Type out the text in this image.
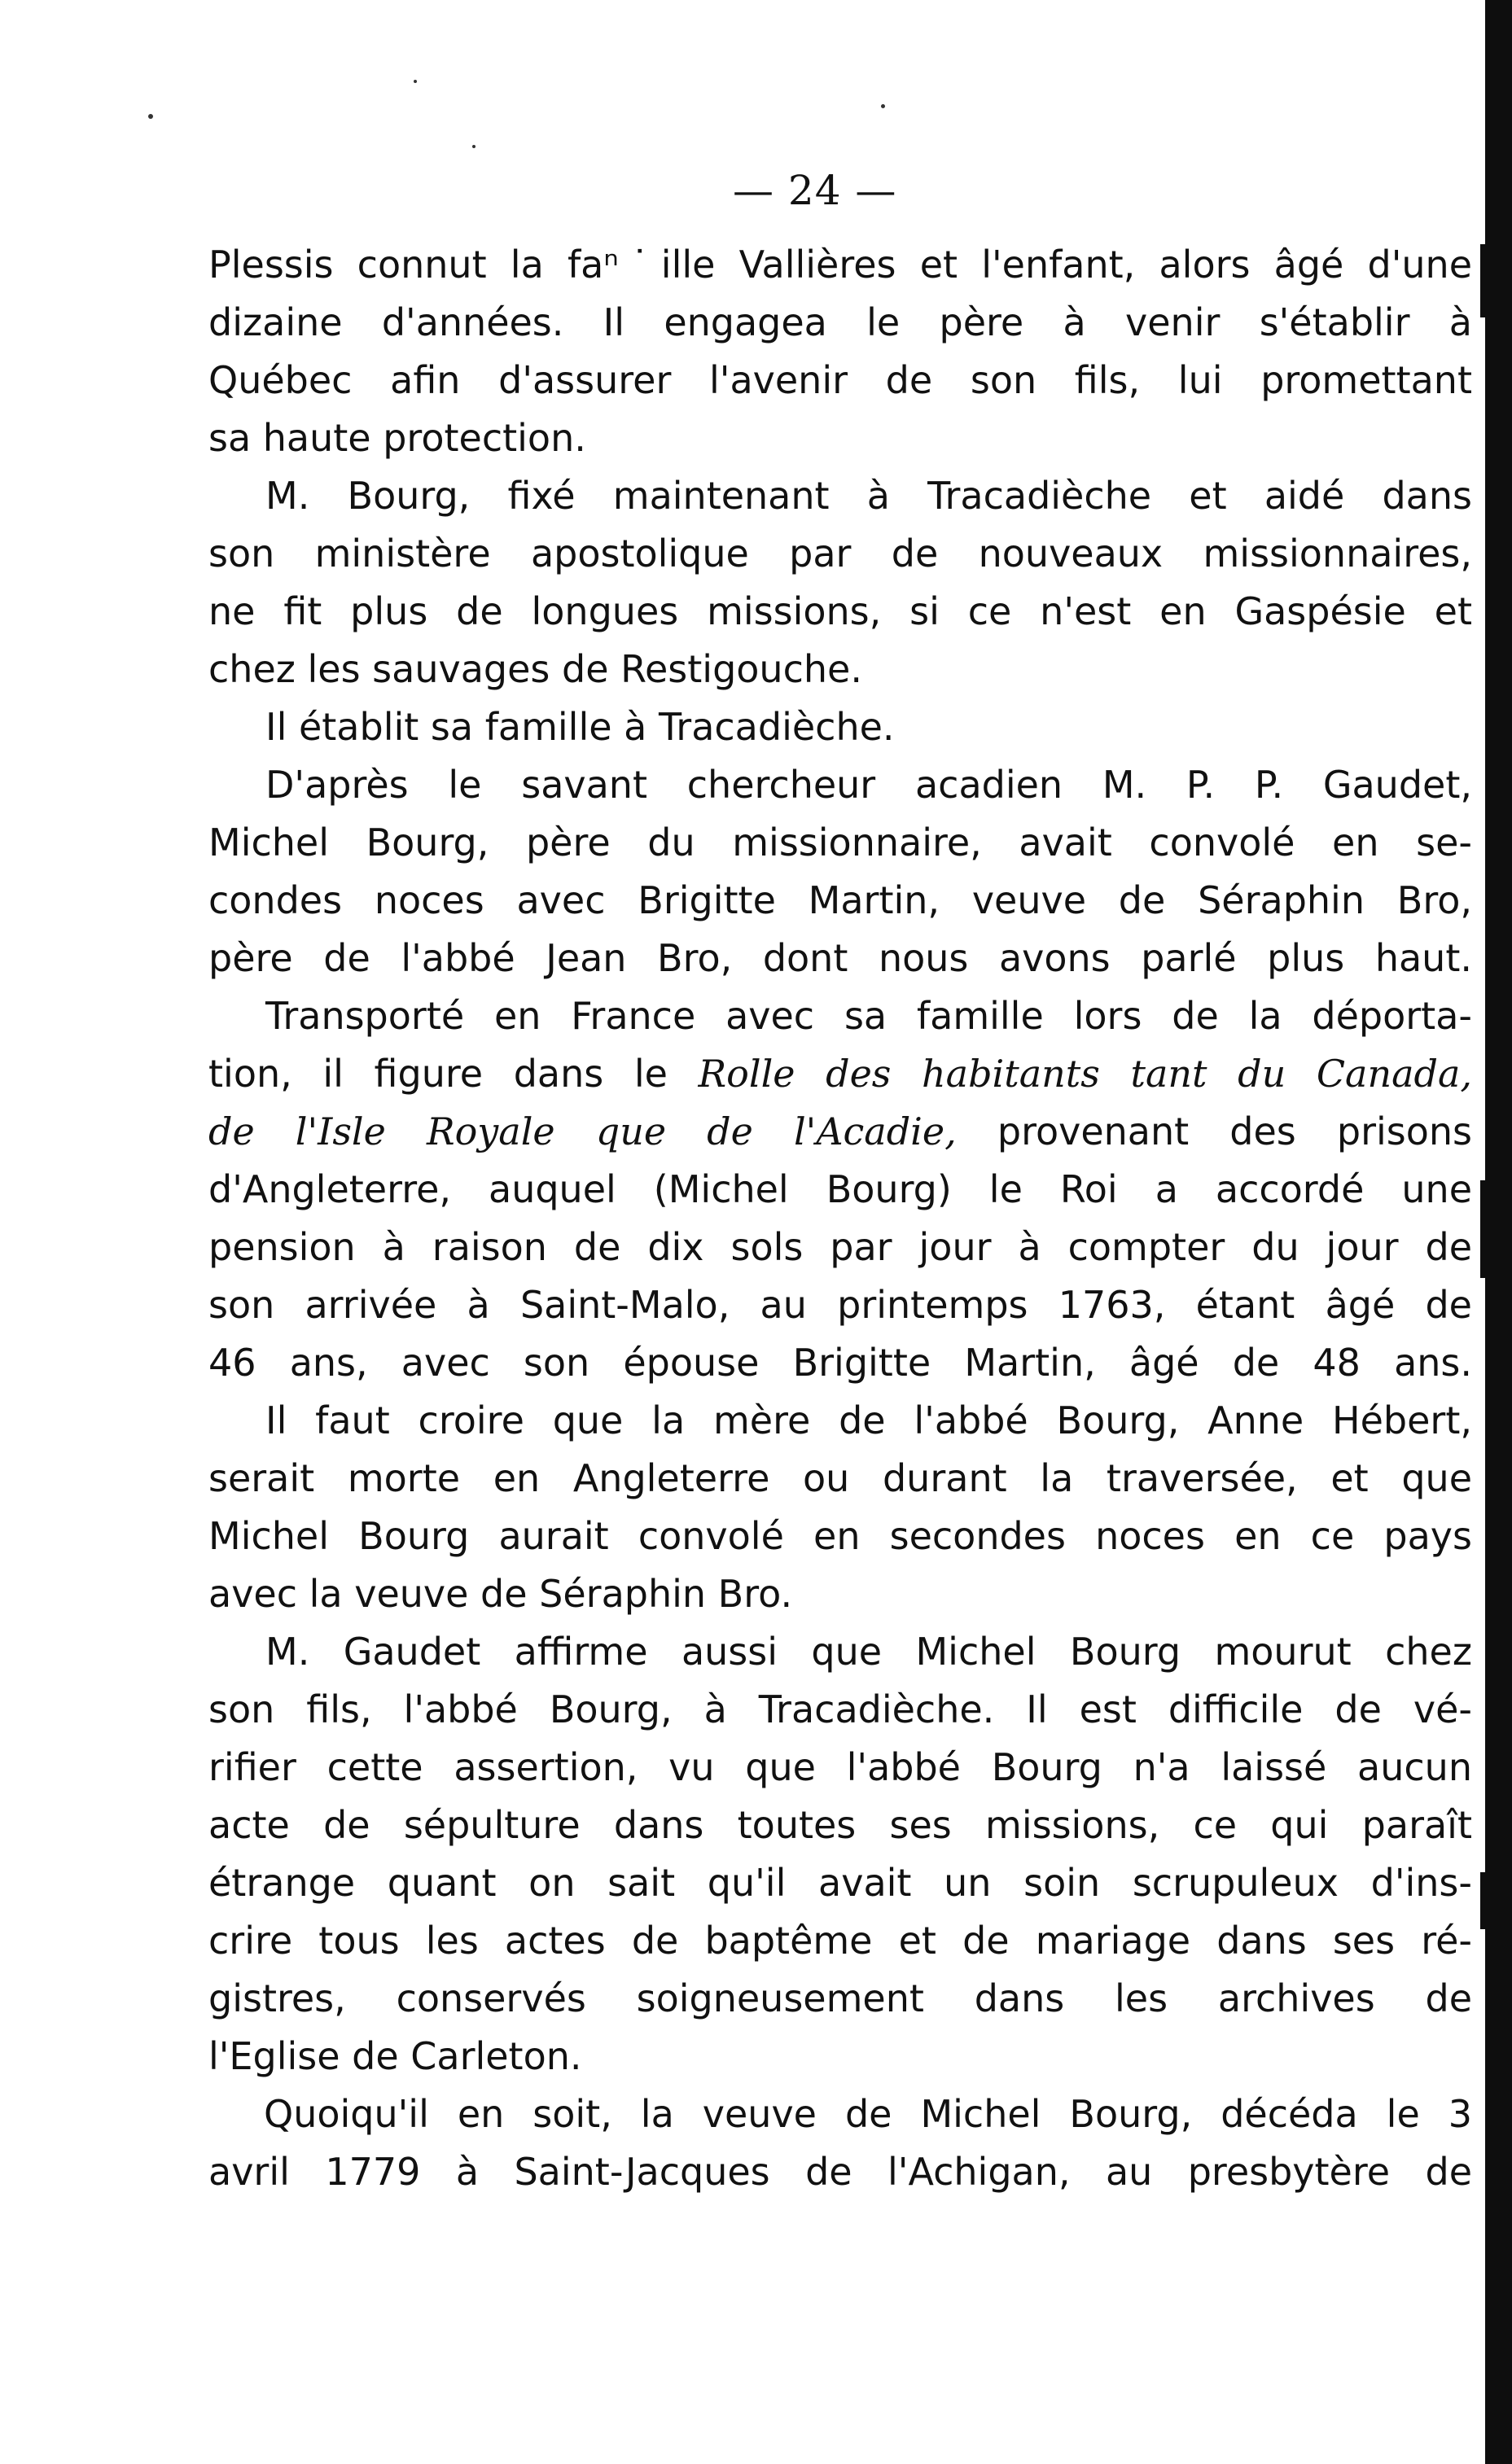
— 24 —
Plessis connut la faⁿ˙ille Vallières et l'enfant, alors âgé d'une
dizaine d'années. Il engagea le père à venir s'établir à
Québec afin d'assurer l'avenir de son fils, lui promettant
sa haute protection.
M. Bourg, fixé maintenant à Tracadièche et aidé dans
son ministère apostolique par de nouveaux missionnaires,
ne fit plus de longues missions, si ce n'est en Gaspésie et
chez les sauvages de Restigouche.
Il établit sa famille à Tracadièche.
D'après le savant chercheur acadien M. P. P. Gaudet,
Michel Bourg, père du missionnaire, avait convolé en se-
condes noces avec Brigitte Martin, veuve de Séraphin Bro,
père de l'abbé Jean Bro, dont nous avons parlé plus haut.
Transporté en France avec sa famille lors de la déporta-
tion, il figure dans le Rolle des habitants tant du Canada,
de l'Isle Royale que de l'Acadie, provenant des prisons
d'Angleterre, auquel (Michel Bourg) le Roi a accordé une
pension à raison de dix sols par jour à compter du jour de
son arrivée à Saint-Malo, au printemps 1763, étant âgé de
46 ans, avec son épouse Brigitte Martin, âgé de 48 ans.
Il faut croire que la mère de l'abbé Bourg, Anne Hébert,
serait morte en Angleterre ou durant la traversée, et que
Michel Bourg aurait convolé en secondes noces en ce pays
avec la veuve de Séraphin Bro.
M. Gaudet affirme aussi que Michel Bourg mourut chez
son fils, l'abbé Bourg, à Tracadièche. Il est difficile de vé-
rifier cette assertion, vu que l'abbé Bourg n'a laissé aucun
acte de sépulture dans toutes ses missions, ce qui paraît
étrange quant on sait qu'il avait un soin scrupuleux d'ins-
crire tous les actes de baptême et de mariage dans ses ré-
gistres, conservés soigneusement dans les archives de
l'Eglise de Carleton.
Quoiqu'il en soit, la veuve de Michel Bourg, décéda le 3
avril 1779 à Saint-Jacques de l'Achigan, au presbytère de
